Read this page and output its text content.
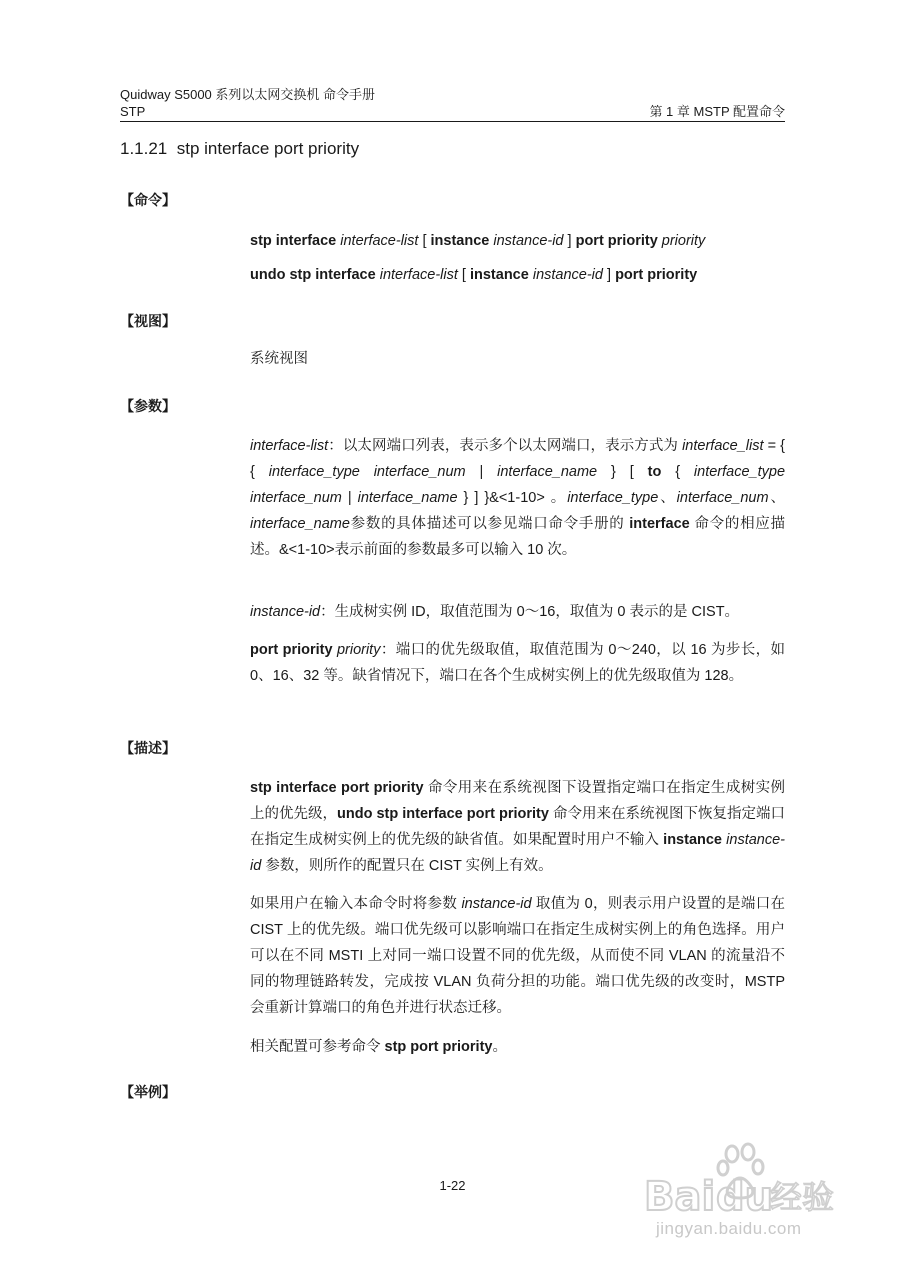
Quidway S5000 系列以太网交换机 命令手册
STP	第 1 章 MSTP 配置命令
1.1.21 stp interface port priority
【命令】
stp interface interface-list [ instance instance-id ] port priority priority
undo stp interface interface-list [ instance instance-id ] port priority
【视图】
系统视图
【参数】
interface-list：以太网端口列表，表示多个以太网端口，表示方式为 interface_list = { { interface_type interface_num | interface_name } [ to { interface_type interface_num | interface_name } ] }&<1-10> 。interface_type、interface_num、interface_name参数的具体描述可以参见端口命令手册的 interface 命令的相应描述。&<1-10>表示前面的参数最多可以输入 10 次。
instance-id：生成树实例 ID，取值范围为 0～16，取值为 0 表示的是 CIST。
port priority priority：端口的优先级取值，取值范围为 0～240，以 16 为步长，如 0、16、32 等。缺省情况下，端口在各个生成树实例上的优先级取值为 128。
【描述】
stp interface port priority 命令用来在系统视图下设置指定端口在指定生成树实例上的优先级，undo stp interface port priority 命令用来在系统视图下恢复指定端口在指定生成树实例上的优先级的缺省值。如果配置时用户不输入 instance instance-id 参数，则所作的配置只在 CIST 实例上有效。
如果用户在输入本命令时将参数 instance-id 取值为 0，则表示用户设置的是端口在 CIST 上的优先级。端口优先级可以影响端口在指定生成树实例上的角色选择。用户可以在不同 MSTI 上对同一端口设置不同的优先级，从而使不同 VLAN 的流量沿不同的物理链路转发，完成按 VLAN 负荷分担的功能。端口优先级的改变时，MSTP 会重新计算端口的角色并进行状态迁移。
相关配置可参考命令 stp port priority。
【举例】
1-22	Bai du
经验
jingyan.baidu.com
